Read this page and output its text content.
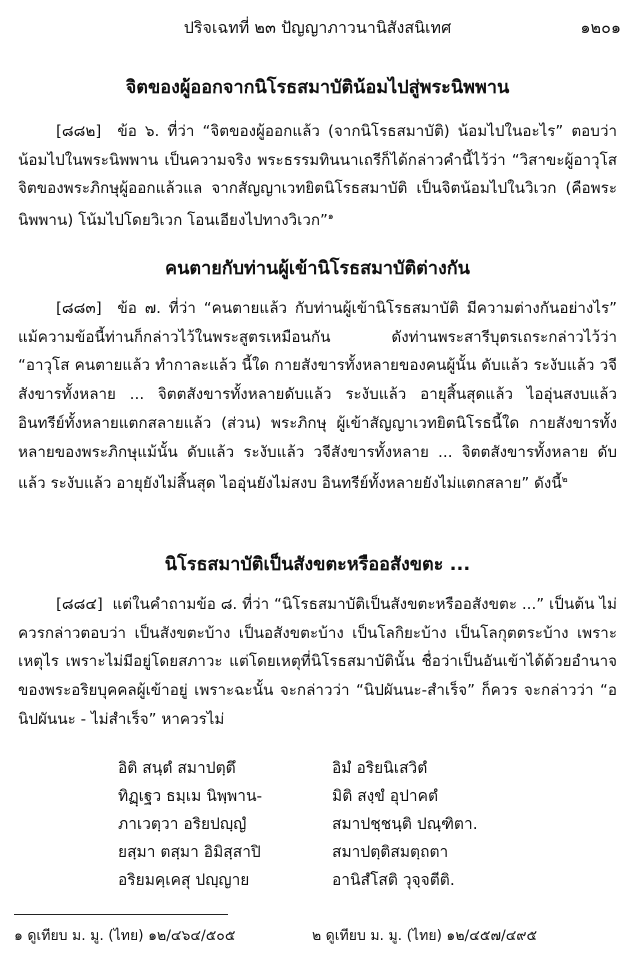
ปริจเฉทที่ ๒๓ ปัญญาภาวนานิสังสนิเทศ	๑๒๐๑
จิตของผู้ออกจากนิโรธสมาบัติน้อมไปสู่พระนิพพาน

[๘๘๒] ข้อ ๖. ที่ว่า “จิตของผู้ออกแล้ว (จากนิโรธสมาบัติ) น้อมไปในอะไร” ตอบว่า น้อมไปในพระนิพพาน เป็นความจริง พระธรรมทินนาเถรีก็ได้กล่าวคำนี้ไว้ว่า “วิสาขะผู้อาวุโส จิตของพระภิกษุผู้ออกแล้วแล จากสัญญาเวทยิตนิโรธสมาบัติ เป็นจิตน้อมไปในวิเวก (คือพระนิพพาน) โน้มไปโดยวิเวก โอนเอียงไปทางวิเวก”$^๑$

คนตายกับท่านผู้เข้านิโรธสมาบัติต่างกัน

[๘๘๓] ข้อ ๗. ที่ว่า “คนตายแล้ว กับท่านผู้เข้านิโรธสมาบัติ มีความต่างกันอย่างไร” แม้ความข้อนี้ท่านก็กล่าวไว้ในพระสูตรเหมือนกัน ดังท่านพระสารีบุตรเถระกล่าวไว้ว่า “อาวุโส คนตายแล้ว ทำกาละแล้ว นี้ใด กายสังขารทั้งหลายของคนผู้นั้น ดับแล้ว ระงับแล้ว วจีสังขารทั้งหลาย ... จิตตสังขารทั้งหลายดับแล้ว ระงับแล้ว อายุสิ้นสุดแล้ว ไออุ่นสงบแล้ว อินทรีย์ทั้งหลายแตกสลายแล้ว (ส่วน) พระภิกษุ ผู้เข้าสัญญาเวทยิตนิโรธนี้ใด กายสังขารทั้งหลายของพระภิกษุแม้นั้น ดับแล้ว ระงับแล้ว วจีสังขารทั้งหลาย ... จิตตสังขารทั้งหลาย ดับแล้ว ระงับแล้ว อายุยังไม่สิ้นสุด ไออุ่นยังไม่สงบ อินทรีย์ทั้งหลายยังไม่แตกสลาย” ดังนี้$^๒$

นิโรธสมาบัติเป็นสังขตะหรืออสังขตะ ...

[๘๘๔] แต่ในคำถามข้อ ๘. ที่ว่า “นิโรธสมาบัติเป็นสังขตะหรืออสังขตะ ...” เป็นต้น ไม่ควรกล่าวตอบว่า เป็นสังขตะบ้าง เป็นอสังขตะบ้าง เป็นโลกิยะบ้าง เป็นโลกุตตระบ้าง เพราะเหตุไร เพราะไม่มีอยู่โดยสภาวะ แต่โดยเหตุที่นิโรธสมาบัตินั้น ชื่อว่าเป็นอันเข้าได้ด้วยอำนาจของพระอริยบุคคลผู้เข้าอยู่ เพราะฉะนั้น จะกล่าวว่า “นิปผันนะ-สำเร็จ” ก็ควร จะกล่าวว่า “อนิปผันนะ - ไม่สำเร็จ” หาควรไม่

อิติ สนฺตํ สมาปตฺตึ	อิมํ อริยนิเสวิตํ
ทิฏฺเฐว ธมฺเม นิพฺพาน-	มิติ สงฺขํ อุปาคตํ
ภาเวตฺวา อริยปญฺญํ	สมาปชฺชนฺติ ปณฺฑิตา.
ยสฺมา ตสฺมา อิมิสฺสาปิ	สมาปตฺติสมตฺถตา
อริยมคฺเคสุ ปญฺญาย	อานิสํโสติ วุจฺจตีติ.
๑ ดูเทียบ ม. มู. (ไทย) ๑๒/๔๖๔/๕๐๕	๒ ดูเทียบ ม. มู. (ไทย) ๑๒/๔๕๗/๔๙๕
